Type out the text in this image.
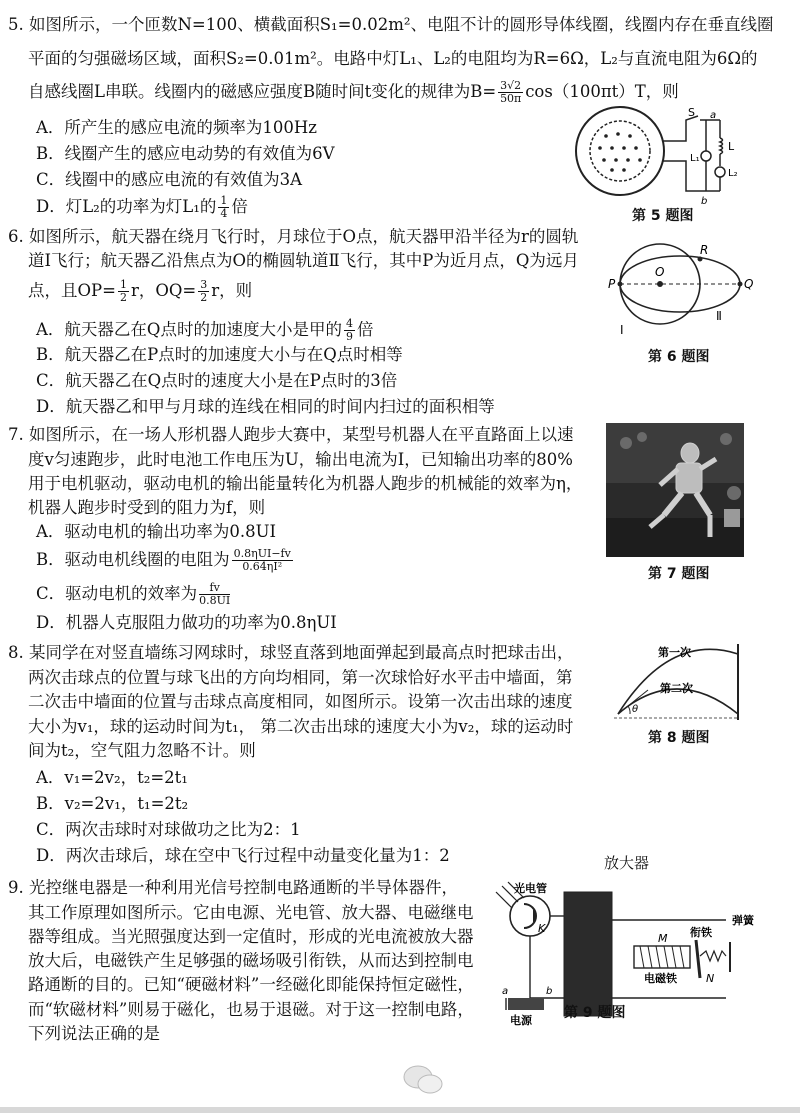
5. 如图所示，一个匝数N=100、横截面积S₁=0.02m²、电阻不计的圆形导体线圈，线圈内存在垂直线圈
平面的匀强磁场区域，面积S₂=0.01m²。电路中灯L₁、L₂的电阻均为R=6Ω，L₂与直流电阻为6Ω的
自感线圈L串联。线圈内的磁感应强度B随时间t变化的规律为$B= \frac{3√2}{50\pi} \cos(100\pi t)T$，则
A．所产生的感应电流的频率为100Hz
B．线圈产生的感应电动势的有效值为6V
C．线圈中的感应电流的有效值为3A
D．灯L₂的功率为灯L₁的 $\frac{1}{4}$ 倍
S a
b
L
L₁
L₂
第 5 题图
6. 如图所示，航天器在绕月飞行时，月球位于O点，航天器甲沿半径为r的圆轨
道Ⅰ飞行；航天器乙沿焦点为O的椭圆轨道Ⅱ飞行，其中P为近月点，Q为远月
点，且$OP= \frac{1}{2}$ r，$OQ= \frac{3}{2}$ r，则
A．航天器乙在Q点时的加速度大小是甲的 $\frac{4}{9}$ 倍
B．航天器乙在P点时的加速度大小与在Q点时相等
C．航天器乙在Q点时的速度大小是在P点时的3倍
D．航天器乙和甲与月球的连线在相同的时间内扫过的面积相等
P
O
Q
R
Ⅰ
Ⅱ
第 6 题图
7. 如图所示，在一场人形机器人跑步大赛中，某型号机器人在平直路面上以速
度v匀速跑步，此时电池工作电压为U，输出电流为I，已知输出功率的80%
用于电机驱动，驱动电机的输出能量转化为机器人跑步的机械能的效率为η，
机器人跑步时受到的阻力为f，则
A．驱动电机的输出功率为0.8UI
B．驱动电机线圈的电阻为 $\frac{\text{0.8ηUI−fv}}{\text{0.64ηI²}}$
C．驱动电机的效率为 $\frac{fv}{0.8UI}$
D．机器人克服阻力做功的功率为0.8ηUI
第 7 题图
8. 某同学在对竖直墙练习网球时，球竖直落到地面弹起到最高点时把球击出，
两次击球点的位置与球飞出的方向均相同，第一次球恰好水平击中墙面，第
二次击中墙面的位置与击球点高度相同，如图所示。设第一次击出球的速度
大小为v₁，球的运动时间为t₁， 第二次击出球的速度大小为v₂，球的运动时
间为t₂，空气阻力忽略不计。则
A．v₁=2v₂，t₂=2t₁
B．v₂=2v₁，t₁=2t₂
C．两次击球时对球做功之比为2：1
D．两次击球后，球在空中飞行过程中动量变化量为1：2
第一次
第二次
θ
第 8 题图
放大器
9. 光控继电器是一种利用光信号控制电路通断的半导体器件，
其工作原理如图所示。它由电源、光电管、放大器、电磁继电
器等组成。当光照强度达到一定值时，形成的光电流被放大器
放大后，电磁铁产生足够强的磁场吸引衔铁，从而达到控制电
路通断的目的。已知“硬磁材料”一经磁化即能保持恒定磁性，
而“软磁材料”则易于磁化，也易于退磁。对于这一控制电路，
下列说法正确的是
光电管
K
M 衔铁
弹簧
N
a	b
电源
电磁铁
第 9 题图
